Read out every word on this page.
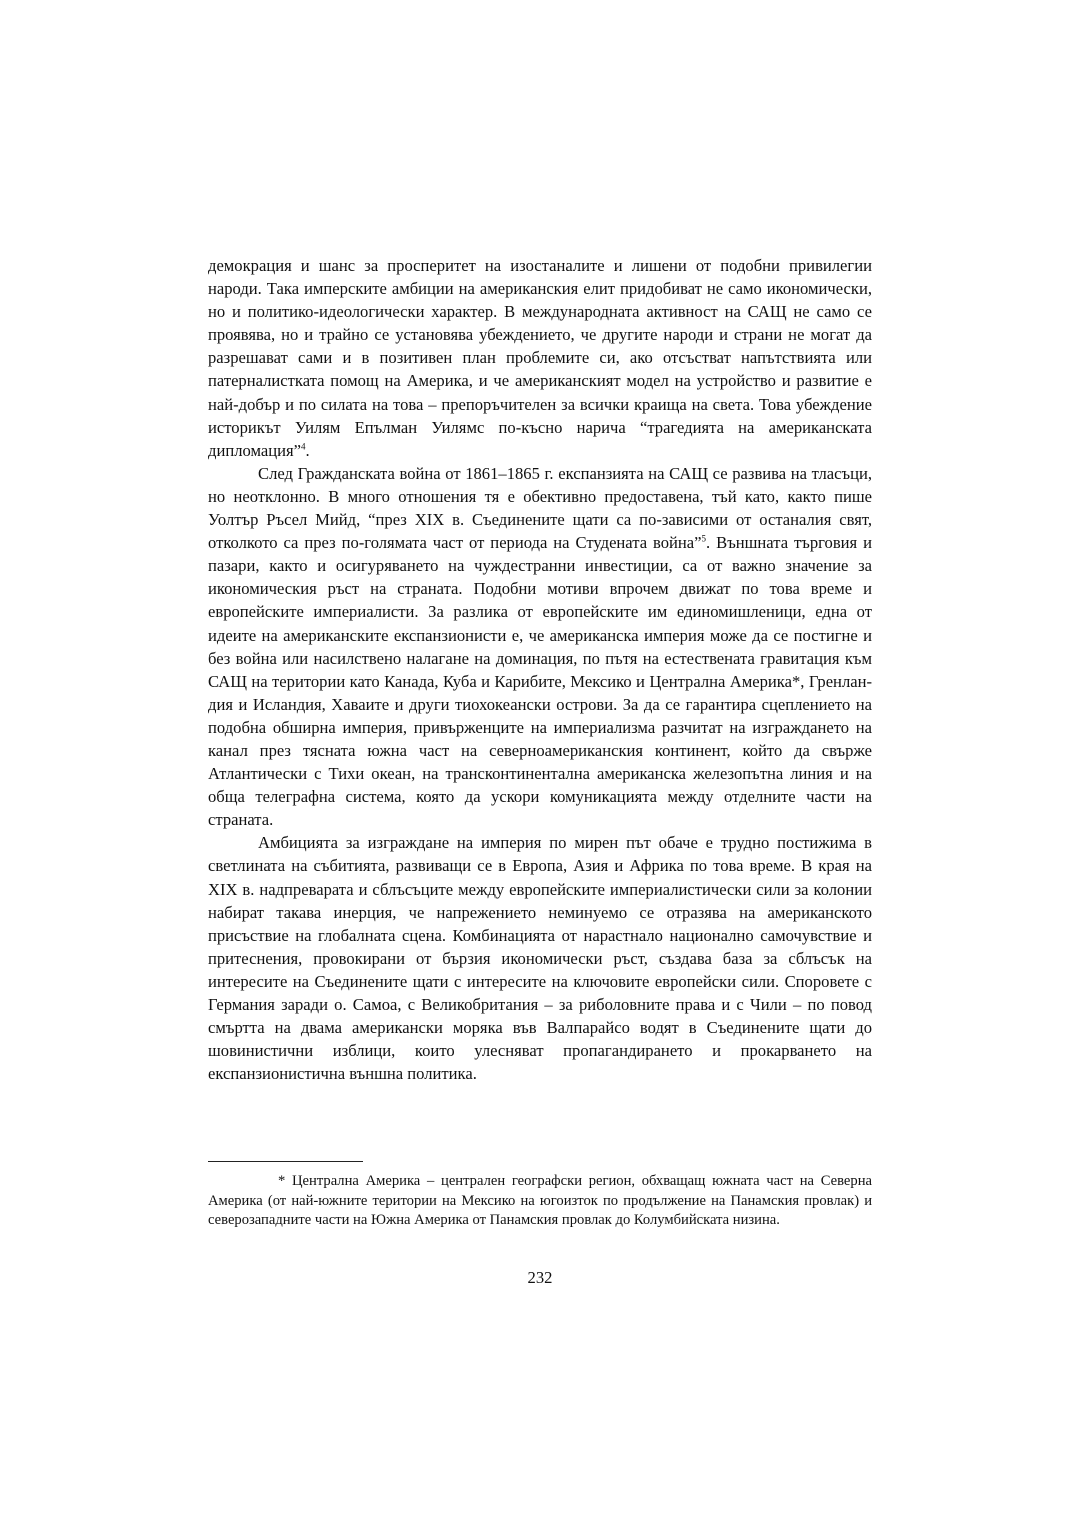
демокрация и шанс за просперитет на изостаналите и лишени от подобни привилегии народи. Така имперските амбиции на американския елит придобиват не само икономически, но и политико-идеологически характер. В международната активност на САЩ не само се проявява, но и трайно се установява убеждението, че другите народи и страни не могат да разрешават сами и в позитивен план проблемите си, ако отсъстват напътствията или патерналистката помощ на Америка, и че американският модел на устройство и развитие е най-добър и по силата на това – препоръчителен за всички краища на света. Това убеждение историкът Уилям Епълман Уилямс по-късно нарича “трагедията на американската дипломация”$^4$.

След Гражданската война от 1861–1865 г. експанзията на САЩ се развива на тласъци, но неотклонно. В много отношения тя е обективно предоставена, тъй като, както пише Уолтър Ръсел Мийд, “през XIX в. Съединените щати са по-зависими от останалия свят, отколкото са през по-голямата част от периода на Студената война”$^5$. Външната търговия и пазари, както и осигуряването на чуждестранни инвестиции, са от важно значение за икономическия ръст на страната. Подобни мотиви впрочем движат по това време и европейските империалисти. За разлика от европейските им единомишленици, една от идеите на американските експанзионисти е, че американска империя може да се постигне и без война или насилствено налагане на доминация, по пътя на естествената гравитация към САЩ на територии като Канада, Куба и Карибите, Мексико и Централна Америка*, Гренландия и Исландия, Хаваите и други тиохокеански острови. За да се гарантира сцеплението на подобна обширна империя, привърженците на империализма разчитат на изграждането на канал през тясната южна част на северноамериканския континент, който да свърже Атлантически с Тихи океан, на трансконтинентална американска железопътна линия и на обща телеграфна система, която да ускори комуникацията между отделните части на страната.

Амбицията за изграждане на империя по мирен път обаче е трудно постижима в светлината на събитията, развиващи се в Европа, Азия и Африка по това време. В края на XIX в. надпреварата и сблъсъците между европейските империалистически сили за колонии набират такава инерция, че напрежението неминуемо се отразява на американското присъствие на глобалната сцена. Комбинацията от нарастнало национално самочувствие и притеснения, провокирани от бързия икономически ръст, създава база за сблъсък на интересите на Съединените щати с интересите на ключовите европейски сили. Споровете с Германия заради о. Самоа, с Великобритания – за риболовните права и с Чили – по повод смъртта на двама американски моряка във Валпарайсо водят в Съединените щати до шовинистични изблици, които улесняват пропагандирането и прокарването на експанзионистична външна политика.

* Централна Америка – централен географски регион, обхващащ южната част на Северна Америка (от най-южните територии на Мексико на югоизток по продължение на Панамския провлак) и северозападните части на Южна Америка от Панамския провлак до Колумбийската низина.

232
